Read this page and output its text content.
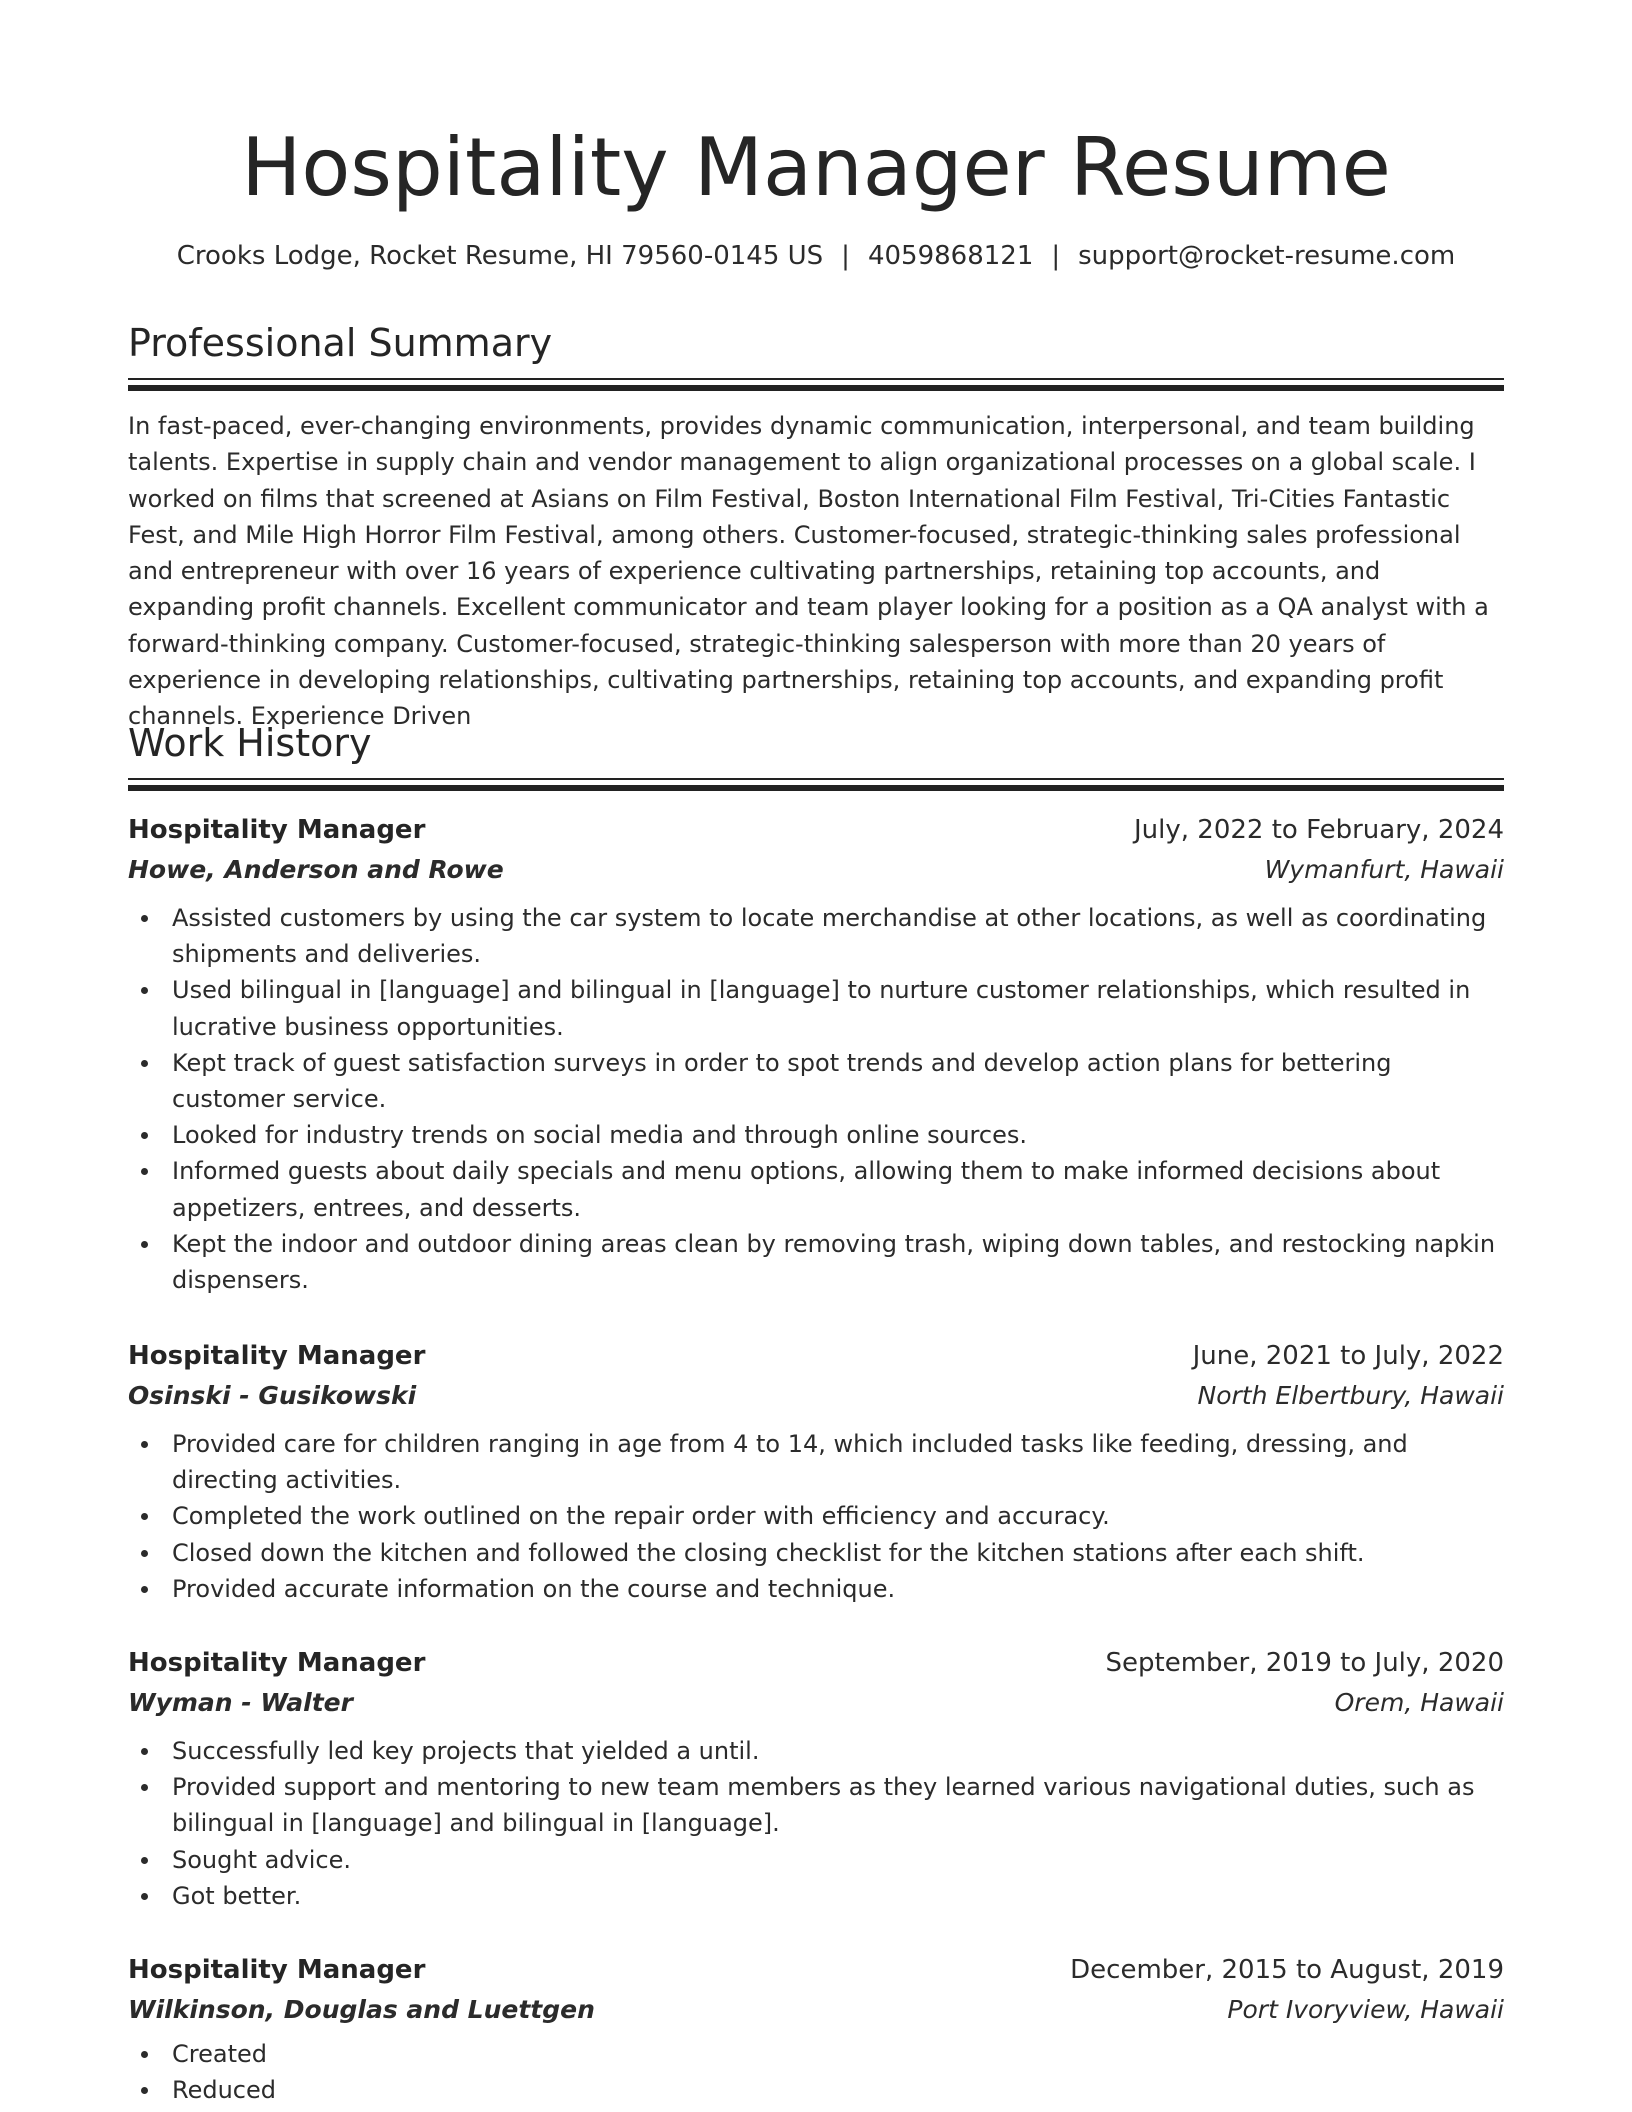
Hospitality Manager Resume
Crooks Lodge, Rocket Resume, HI 79560-0145 US | 4059868121 | support@rocket-resume.com
Professional Summary
In fast-paced, ever-changing environments, provides dynamic communication, interpersonal, and team building talents. Expertise in supply chain and vendor management to align organizational processes on a global scale. I worked on films that screened at Asians on Film Festival, Boston International Film Festival, Tri-Cities Fantastic Fest, and Mile High Horror Film Festival, among others. Customer-focused, strategic-thinking sales professional and entrepreneur with over 16 years of experience cultivating partnerships, retaining top accounts, and expanding profit channels. Excellent communicator and team player looking for a position as a QA analyst with a forward-thinking company. Customer-focused, strategic-thinking salesperson with more than 20 years of experience in developing relationships, cultivating partnerships, retaining top accounts, and expanding profit channels. Experience Driven
Work History
Hospitality Manager	July, 2022 to February, 2024
Howe, Anderson and Rowe	Wymanfurt, Hawaii
Assisted customers by using the car system to locate merchandise at other locations, as well as coordinating shipments and deliveries.
Used bilingual in [language] and bilingual in [language] to nurture customer relationships, which resulted in lucrative business opportunities.
Kept track of guest satisfaction surveys in order to spot trends and develop action plans for bettering customer service.
Looked for industry trends on social media and through online sources.
Informed guests about daily specials and menu options, allowing them to make informed decisions about appetizers, entrees, and desserts.
Kept the indoor and outdoor dining areas clean by removing trash, wiping down tables, and restocking napkin dispensers.
Hospitality Manager	June, 2021 to July, 2022
Osinski - Gusikowski	North Elbertbury, Hawaii
Provided care for children ranging in age from 4 to 14, which included tasks like feeding, dressing, and directing activities.
Completed the work outlined on the repair order with efficiency and accuracy.
Closed down the kitchen and followed the closing checklist for the kitchen stations after each shift.
Provided accurate information on the course and technique.
Hospitality Manager	September, 2019 to July, 2020
Wyman - Walter	Orem, Hawaii
Successfully led key projects that yielded a until.
Provided support and mentoring to new team members as they learned various navigational duties, such as bilingual in [language] and bilingual in [language].
Sought advice.
Got better.
Hospitality Manager	December, 2015 to August, 2019
Wilkinson, Douglas and Luettgen	Port Ivoryview, Hawaii
Created
Reduced
